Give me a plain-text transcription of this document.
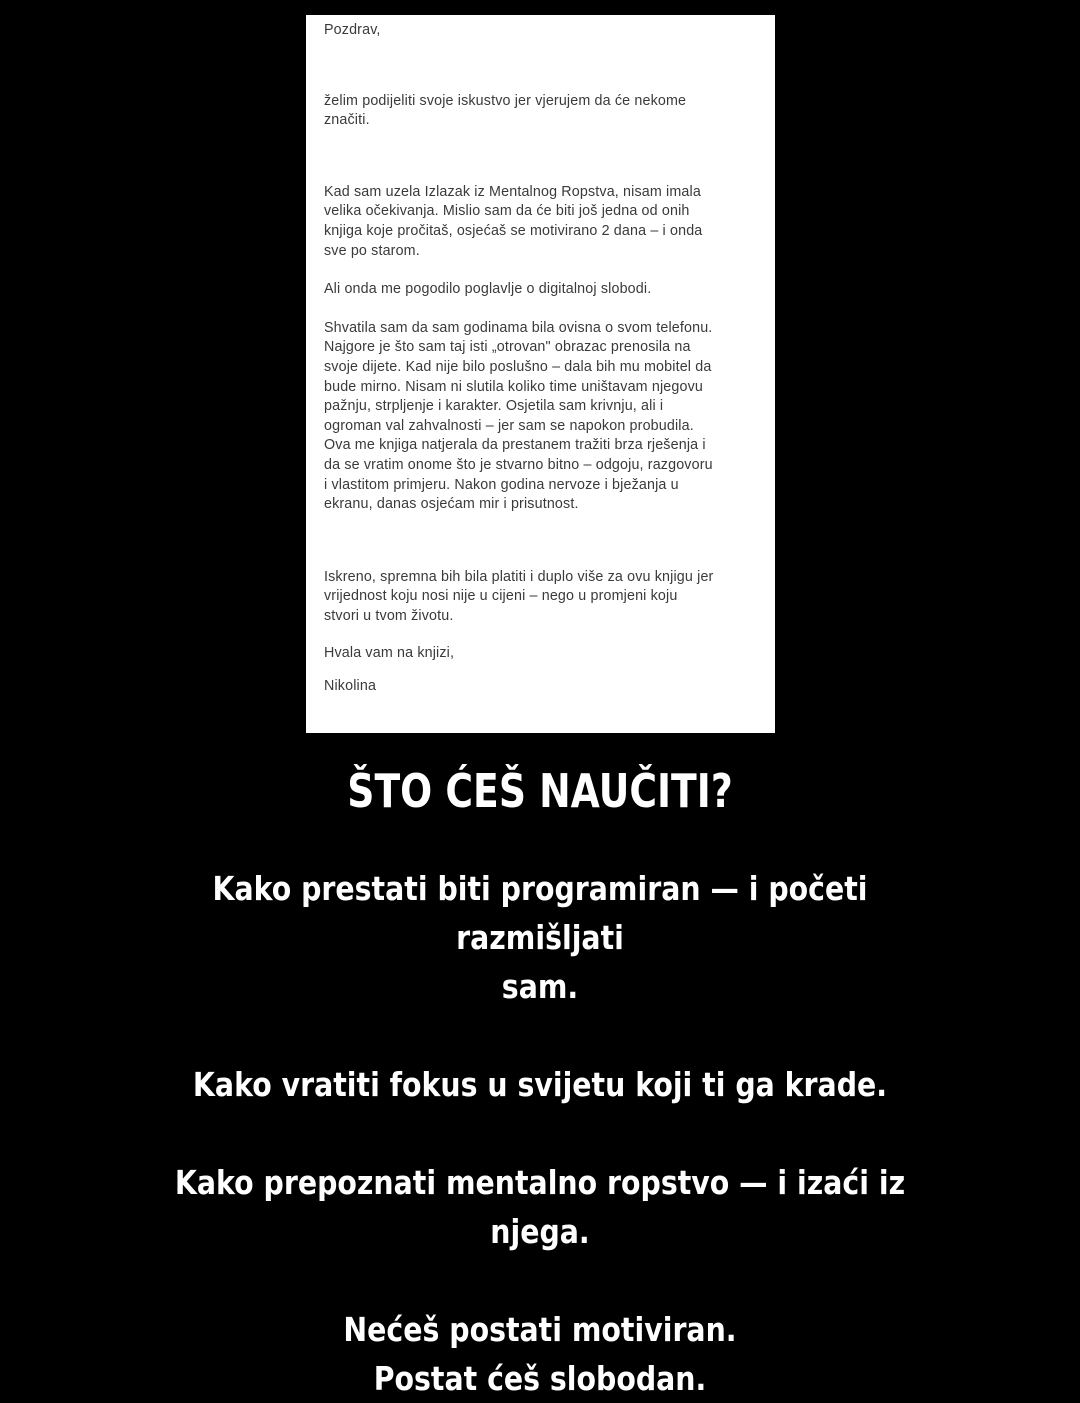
Pozdrav,

želim podijeliti svoje iskustvo jer vjerujem da će nekome
značiti.

Kad sam uzela Izlazak iz Mentalnog Ropstva, nisam imala
velika očekivanja. Mislio sam da će biti još jedna od onih
knjiga koje pročitaš, osjećaš se motivirano 2 dana – i onda
sve po starom.

Ali onda me pogodilo poglavlje o digitalnoj slobodi.

Shvatila sam da sam godinama bila ovisna o svom telefonu.
Najgore je što sam taj isti „otrovan" obrazac prenosila na
svoje dijete. Kad nije bilo poslušno – dala bih mu mobitel da
bude mirno. Nisam ni slutila koliko time uništavam njegovu
pažnju, strpljenje i karakter. Osjetila sam krivnju, ali i
ogroman val zahvalnosti – jer sam se napokon probudila.
Ova me knjiga natjerala da prestanem tražiti brza rješenja i
da se vratim onome što je stvarno bitno – odgoju, razgovoru
i vlastitom primjeru. Nakon godina nervoze i bježanja u
ekranu, danas osjećam mir i prisutnost.

Iskreno, spremna bih bila platiti i duplo više za ovu knjigu jer
vrijednost koju nosi nije u cijeni – nego u promjeni koju
stvori u tvom životu.

Hvala vam na knjizi,

Nikolina

ŠTO ĆEŠ NAUČITI?
Kako prestati biti programiran — i početi razmišljati
sam.
Kako vratiti fokus u svijetu koji ti ga krade.
Kako prepoznati mentalno ropstvo — i izaći iz njega.
Nećeš postati motiviran.
Postat ćeš slobodan.
